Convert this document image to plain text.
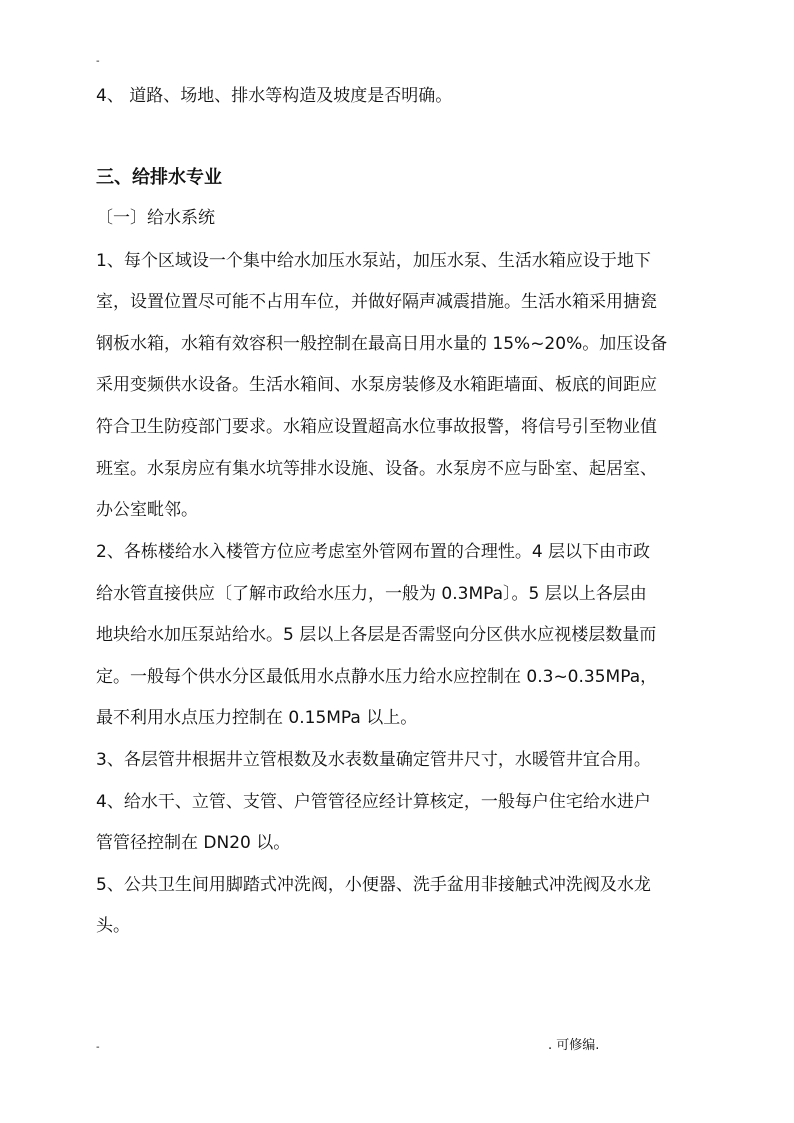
-
4、 道路、场地、排水等构造及坡度是否明确。
三、给排水专业
〔一〕给水系统
1、每个区域设一个集中给水加压水泵站，加压水泵、生活水箱应设于地下
室，设置位置尽可能不占用车位，并做好隔声减震措施。生活水箱采用搪瓷
钢板水箱，水箱有效容积一般控制在最高日用水量的 15%~20%。加压设备
采用变频供水设备。生活水箱间、水泵房装修及水箱距墙面、板底的间距应
符合卫生防疫部门要求。水箱应设置超高水位事故报警，将信号引至物业值
班室。水泵房应有集水坑等排水设施、设备。水泵房不应与卧室、起居室、
办公室毗邻。
2、各栋楼给水入楼管方位应考虑室外管网布置的合理性。4 层以下由市政
给水管直接供应〔了解市政给水压力，一般为 0.3MPa〕。5 层以上各层由
地块给水加压泵站给水。5 层以上各层是否需竖向分区供水应视楼层数量而
定。一般每个供水分区最低用水点静水压力给水应控制在 0.3~0.35MPa，
最不利用水点压力控制在 0.15MPa 以上。
3、各层管井根据井立管根数及水表数量确定管井尺寸，水暖管井宜合用。
4、给水干、立管、支管、户管管径应经计算核定，一般每户住宅给水进户
管管径控制在 DN20 以。
5、公共卫生间用脚踏式冲洗阀，小便器、洗手盆用非接触式冲洗阀及水龙
头。
-	. 可修编.
